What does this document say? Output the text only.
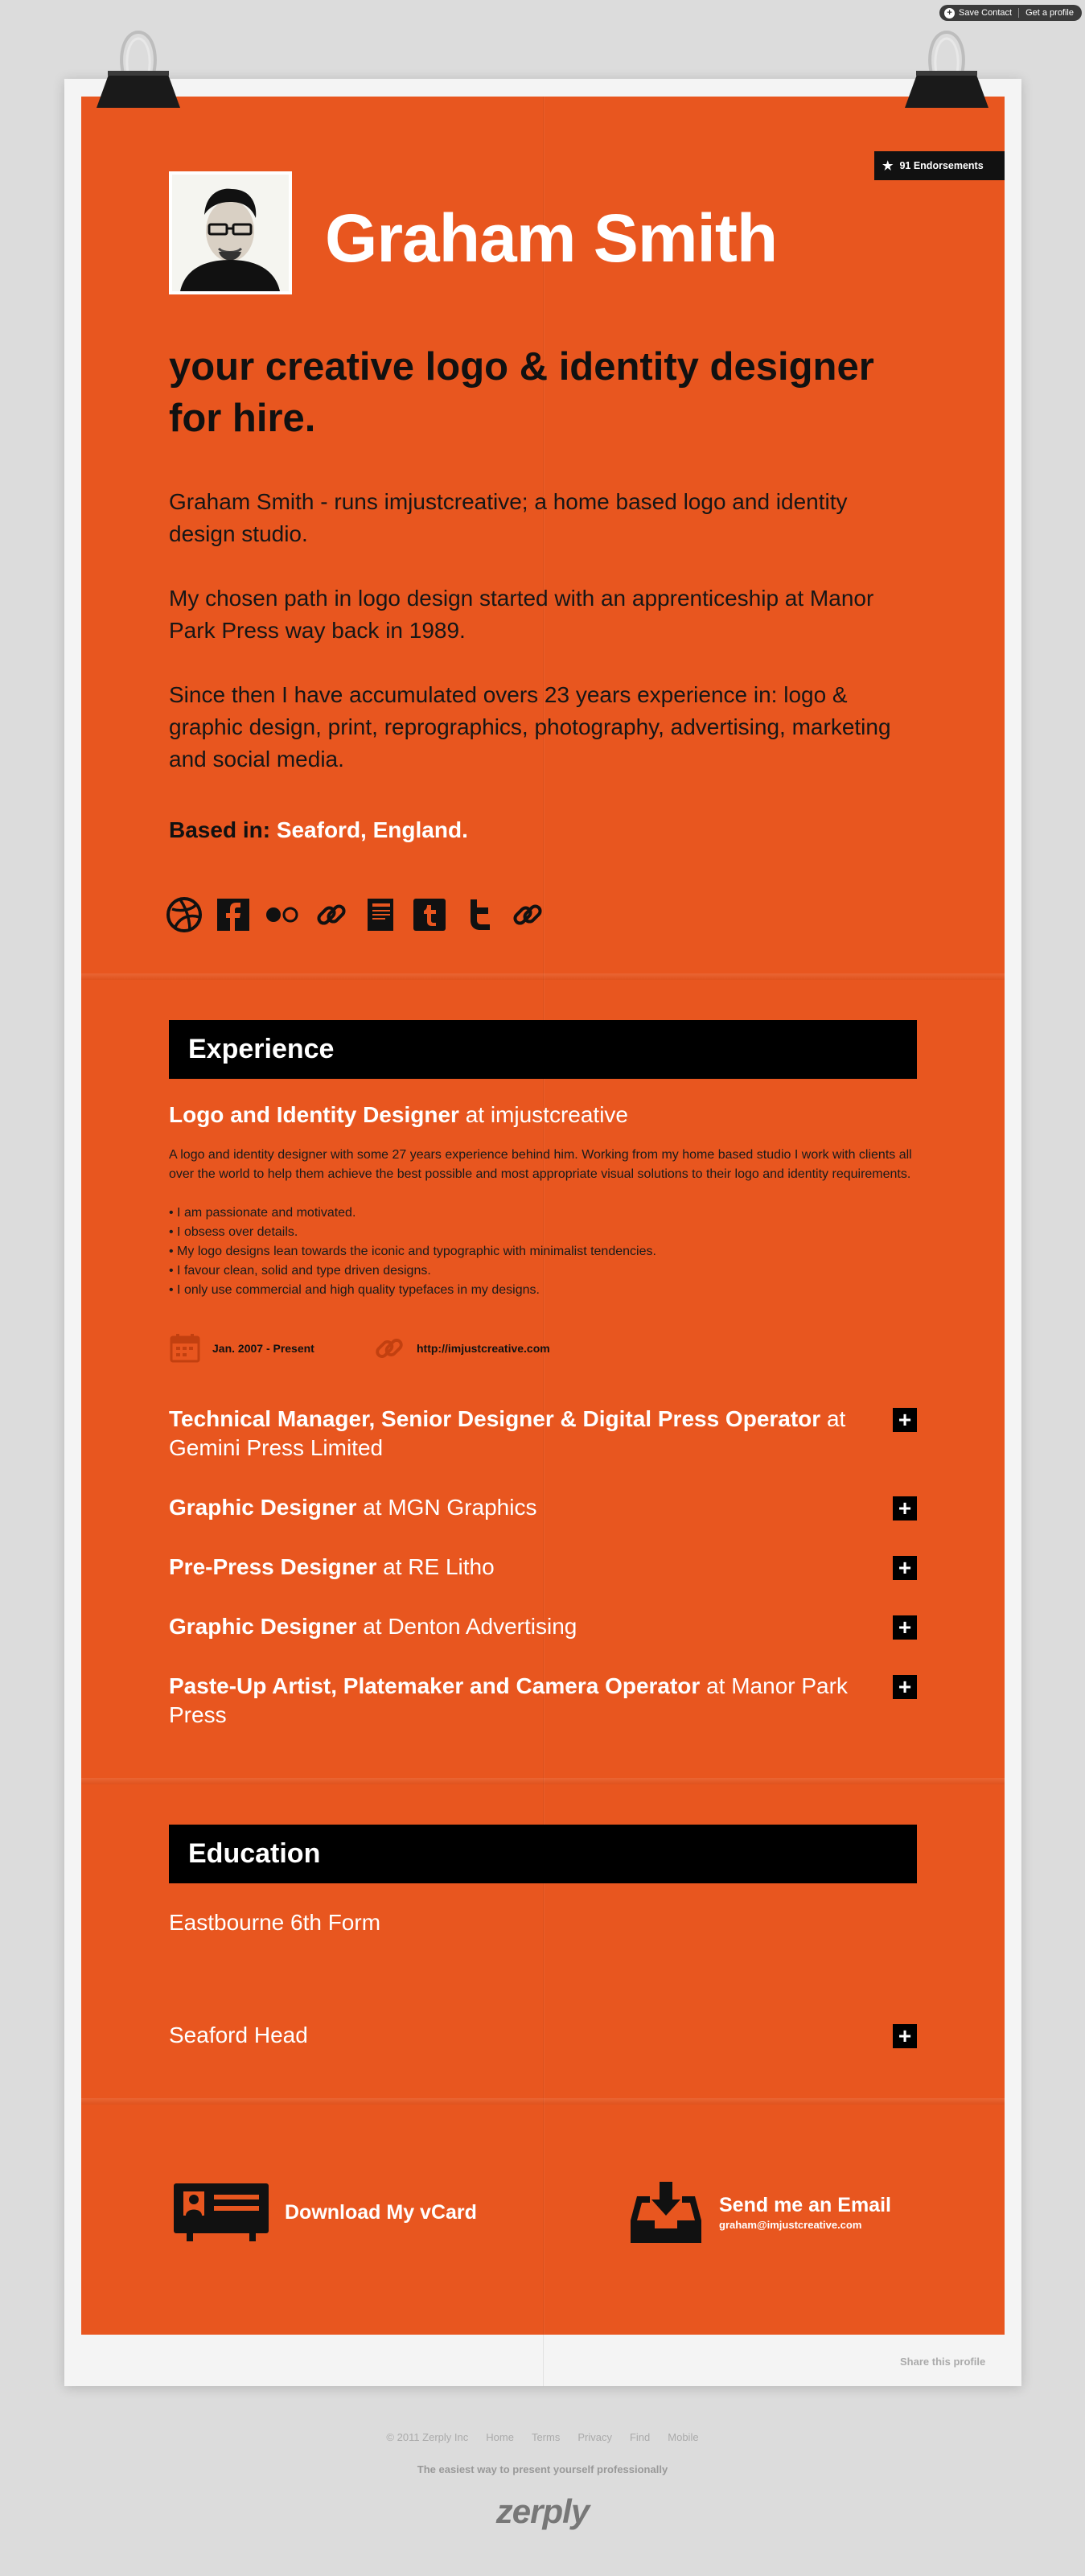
+ Save Contact Get a profile
★ 91 Endorsements
Graham Smith
your creative logo & identity designer for hire.

Graham Smith - runs imjustcreative; a home based logo and identity design studio.

My chosen path in logo design started with an apprenticeship at Manor Park Press way back in 1989.

Since then I have accumulated overs 23 years experience in: logo & graphic design, print, reprographics, photography, advertising, marketing and social media.

Based in: Seaford, England.
Experience
Logo and Identity Designer at imjustcreative
A logo and identity designer with some 27 years experience behind him. Working from my home based studio I work with clients all over the world to help them achieve the best possible and most appropriate visual solutions to their logo and identity requirements.
• I am passionate and motivated.
• I obsess over details.
• My logo designs lean towards the iconic and typographic with minimalist tendencies.
• I favour clean, solid and type driven designs.
• I only use commercial and high quality typefaces in my designs.
Jan. 2007 - Present	http://imjustcreative.com
Technical Manager, Senior Designer & Digital Press Operator at Gemini Press Limited
+
Graphic Designer at MGN Graphics	+
Pre-Press Designer at RE Litho	+
Graphic Designer at Denton Advertising	+
Paste-Up Artist, Platemaker and Camera Operator at Manor Park Press
+
Education
Eastbourne 6th Form
Seaford Head	+
Download My vCard	Send me an Email
graham@imjustcreative.com
Share this profile
© 2011 Zerply Inc Home Terms Privacy Find Mobile
The easiest way to present yourself professionally
zerply
